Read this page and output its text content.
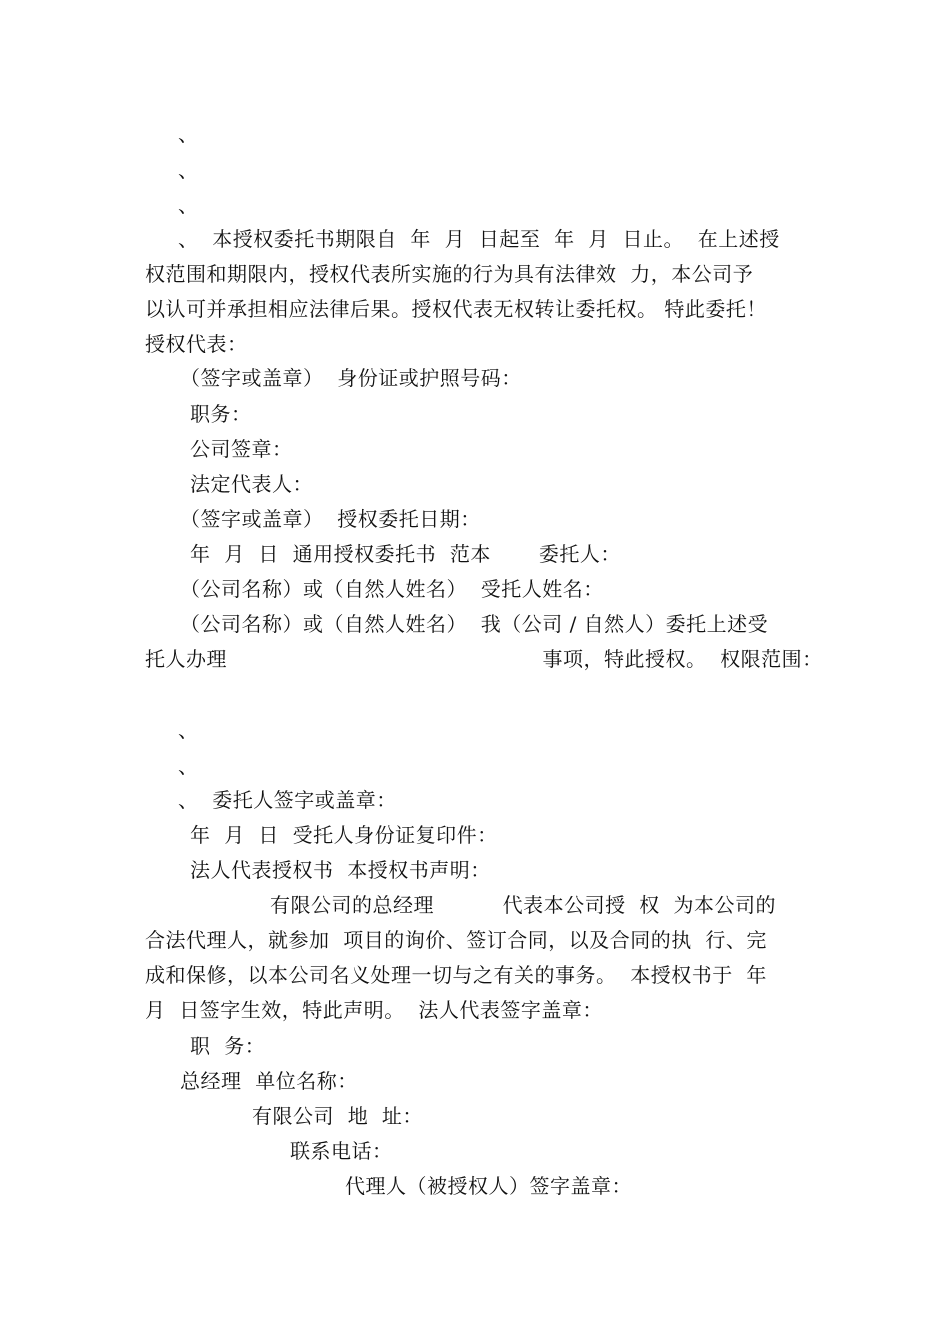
、
、
、
、  本授权委托书期限自  年  月  日起至  年  月  日止。  在上述授
权范围和期限内，授权代表所实施的行为具有法律效  力，本公司予
以认可并承担相应法律后果。授权代表无权转让委托权。 特此委托！
授权代表：
（签字或盖章）  身份证或护照号码：
职务：
公司签章：
法定代表人：
（签字或盖章）  授权委托日期：
年  月  日  通用授权委托书  范本       委托人：
（公司名称）或（自然人姓名）  受托人姓名：
（公司名称）或（自然人姓名）  我（公司 / 自然人）委托上述受
托人办理                                              事项，特此授权。  权限范围：
、
、
、  委托人签字或盖章：
年  月  日  受托人身份证复印件：
法人代表授权书  本授权书声明：
有限公司的总经理          代表本公司授  权  为本公司的
合法代理人，就参加  项目的询价、签订合同，以及合同的执  行、完
成和保修，以本公司名义处理一切与之有关的事务。  本授权书于  年
月  日签字生效，特此声明。  法人代表签字盖章：
职  务：
总经理  单位名称：
有限公司  地  址：
联系电话：
代理人（被授权人）签字盖章：
